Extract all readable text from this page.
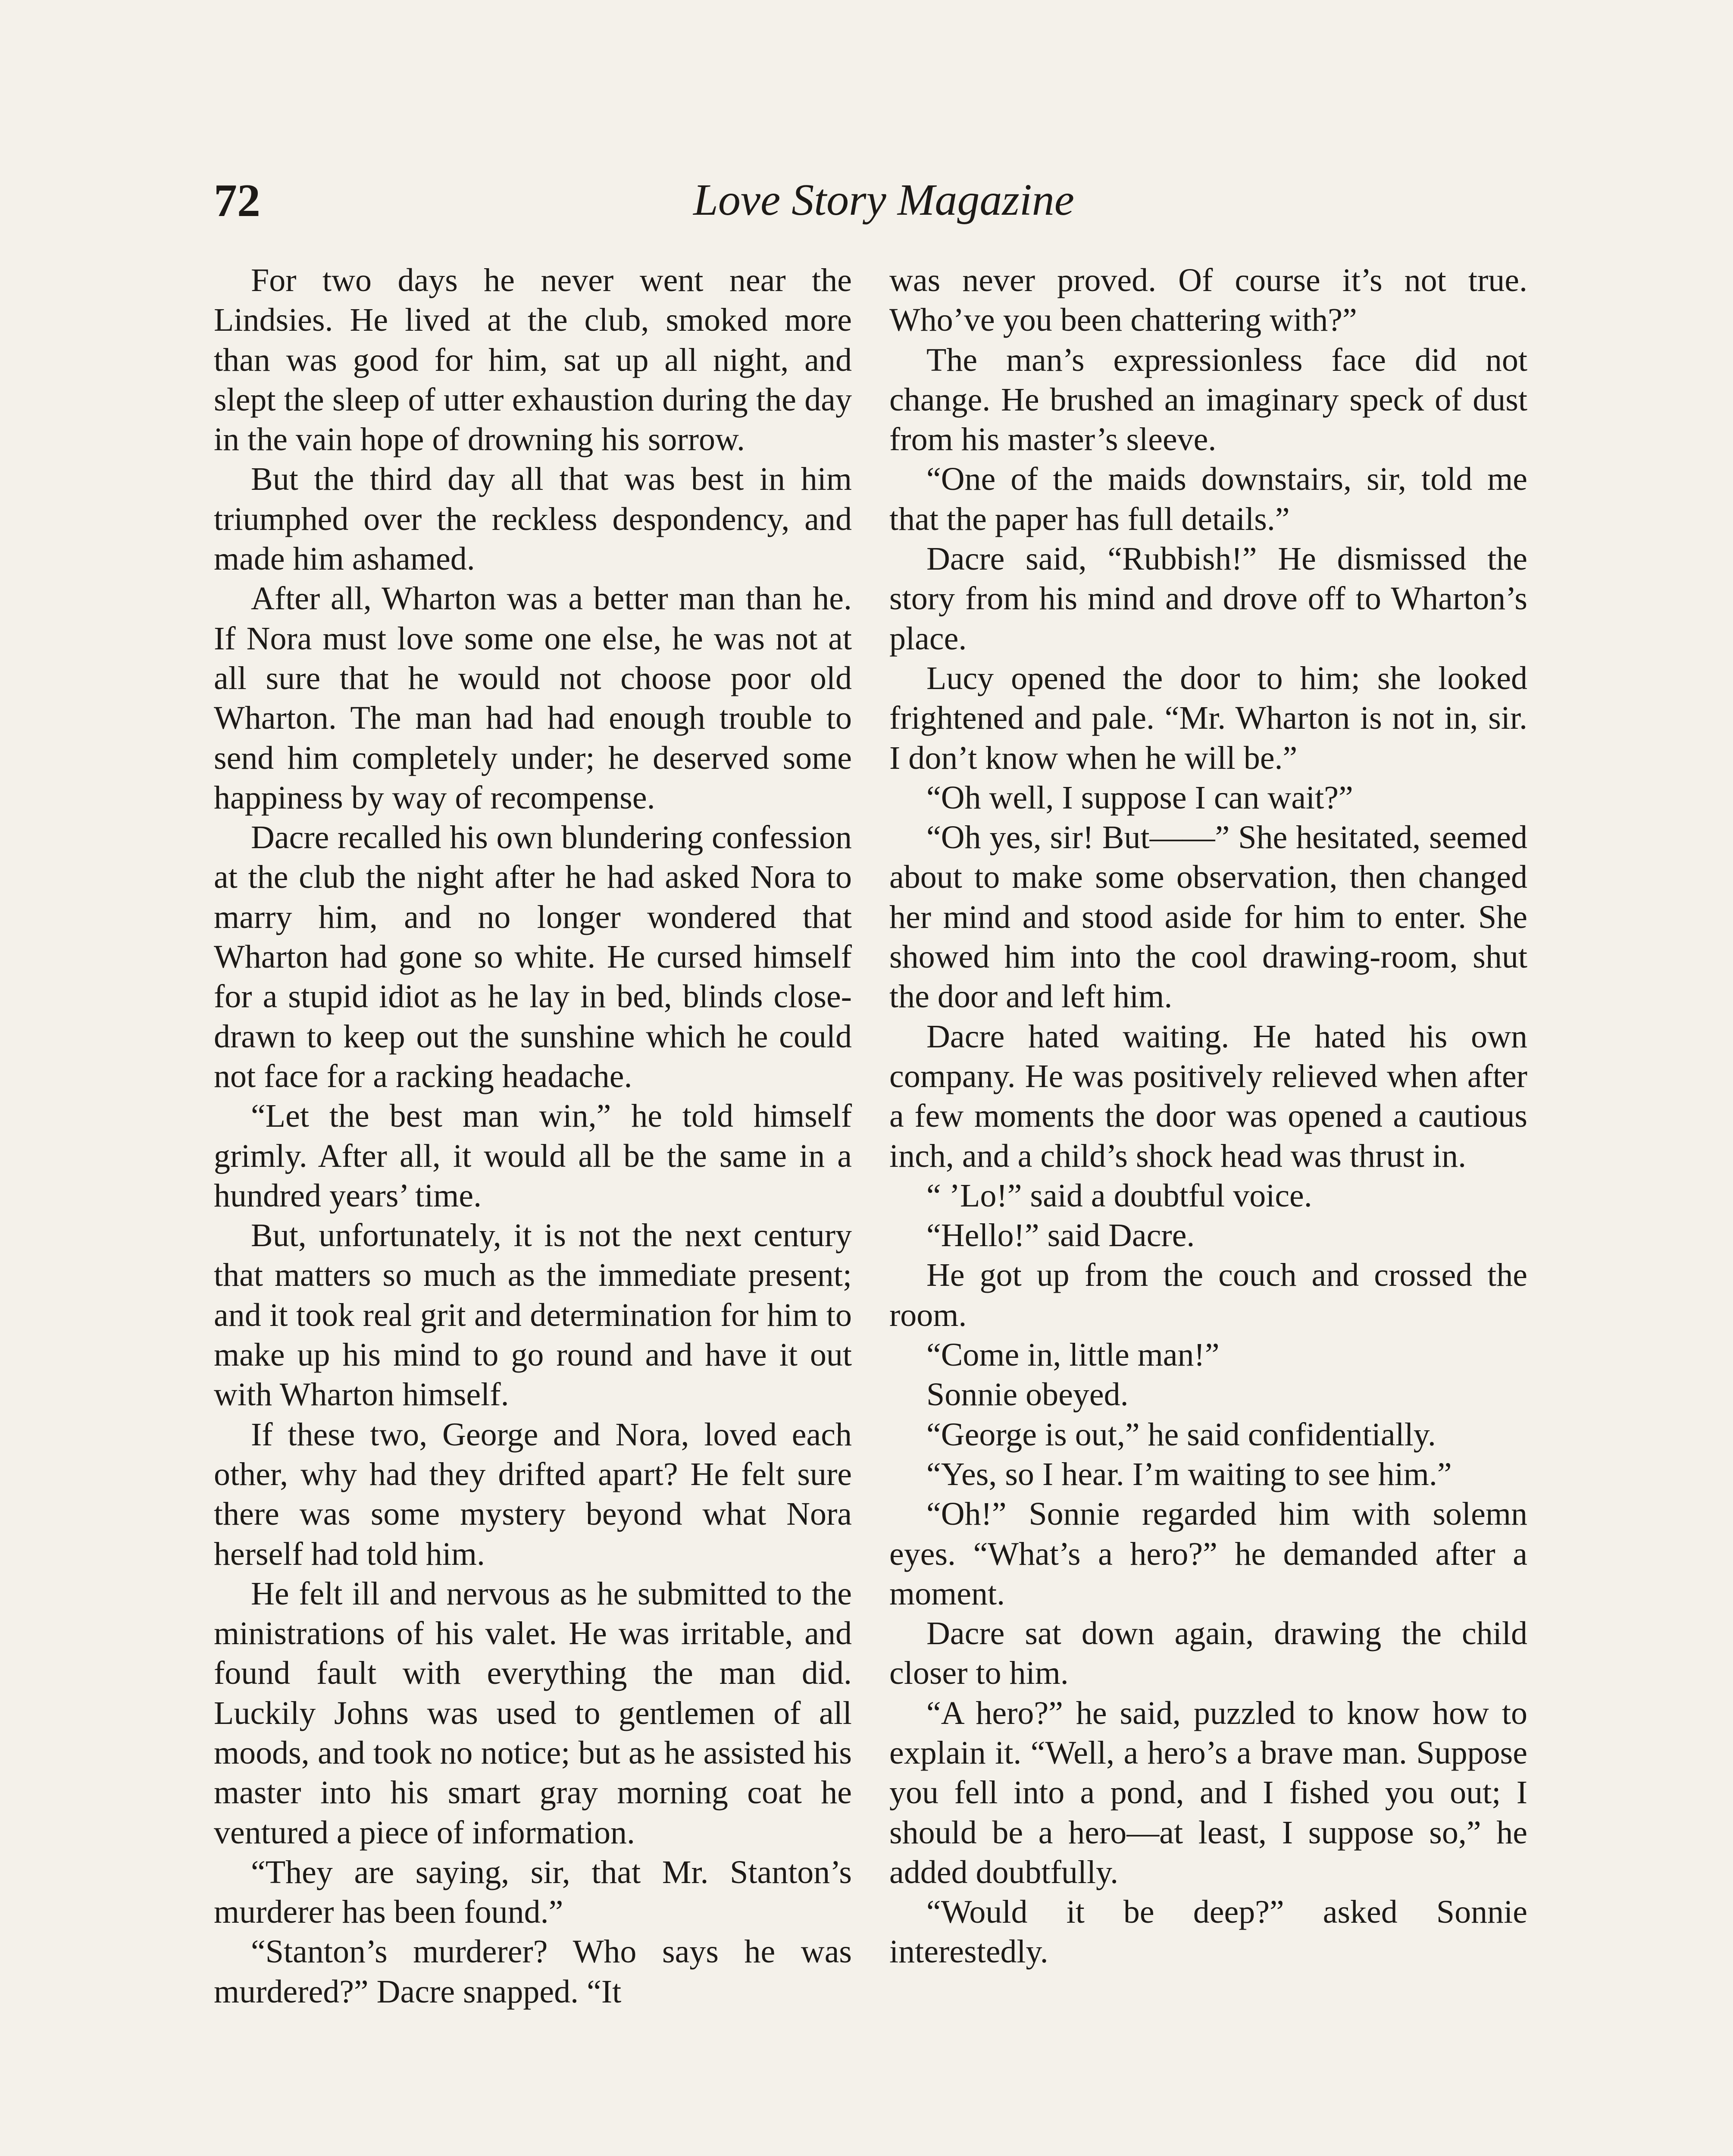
72	Love Story Magazine

For two days he never went near the Lindsies. He lived at the club, smoked more than was good for him, sat up all night, and slept the sleep of utter exhaustion during the day in the vain hope of drowning his sorrow.

But the third day all that was best in him triumphed over the reckless despondency, and made him ashamed.

After all, Wharton was a better man than he. If Nora must love some one else, he was not at all sure that he would not choose poor old Wharton. The man had had enough trouble to send him completely under; he deserved some happiness by way of recompense.

Dacre recalled his own blundering confession at the club the night after he had asked Nora to marry him, and no longer wondered that Wharton had gone so white. He cursed himself for a stupid idiot as he lay in bed, blinds close-drawn to keep out the sunshine which he could not face for a racking headache.

“Let the best man win,” he told himself grimly. After all, it would all be the same in a hundred years’ time.

But, unfortunately, it is not the next century that matters so much as the immediate present; and it took real grit and determination for him to make up his mind to go round and have it out with Wharton himself.

If these two, George and Nora, loved each other, why had they drifted apart? He felt sure there was some mystery beyond what Nora herself had told him.

He felt ill and nervous as he submitted to the ministrations of his valet. He was irritable, and found fault with everything the man did. Luckily Johns was used to gentlemen of all moods, and took no notice; but as he assisted his master into his smart gray morning coat he ventured a piece of information.

“They are saying, sir, that Mr. Stanton’s murderer has been found.”

“Stanton’s murderer? Who says he was murdered?” Dacre snapped. “It

was never proved. Of course it’s not true. Who’ve you been chattering with?”

The man’s expressionless face did not change. He brushed an imaginary speck of dust from his master’s sleeve.

“One of the maids downstairs, sir, told me that the paper has full details.”

Dacre said, “Rubbish!” He dismissed the story from his mind and drove off to Wharton’s place.

Lucy opened the door to him; she looked frightened and pale. “Mr. Wharton is not in, sir. I don’t know when he will be.”

“Oh well, I suppose I can wait?”

“Oh yes, sir! But——” She hesitated, seemed about to make some observation, then changed her mind and stood aside for him to enter. She showed him into the cool drawing-room, shut the door and left him.

Dacre hated waiting. He hated his own company. He was positively relieved when after a few moments the door was opened a cautious inch, and a child’s shock head was thrust in.

“ ’Lo!” said a doubtful voice.

“Hello!” said Dacre.

He got up from the couch and crossed the room.

“Come in, little man!”

Sonnie obeyed.

“George is out,” he said confidentially.

“Yes, so I hear. I’m waiting to see him.”

“Oh!” Sonnie regarded him with solemn eyes. “What’s a hero?” he demanded after a moment.

Dacre sat down again, drawing the child closer to him.

“A hero?” he said, puzzled to know how to explain it. “Well, a hero’s a brave man. Suppose you fell into a pond, and I fished you out; I should be a hero—at least, I suppose so,” he added doubtfully.

“Would it be deep?” asked Sonnie interestedly.
